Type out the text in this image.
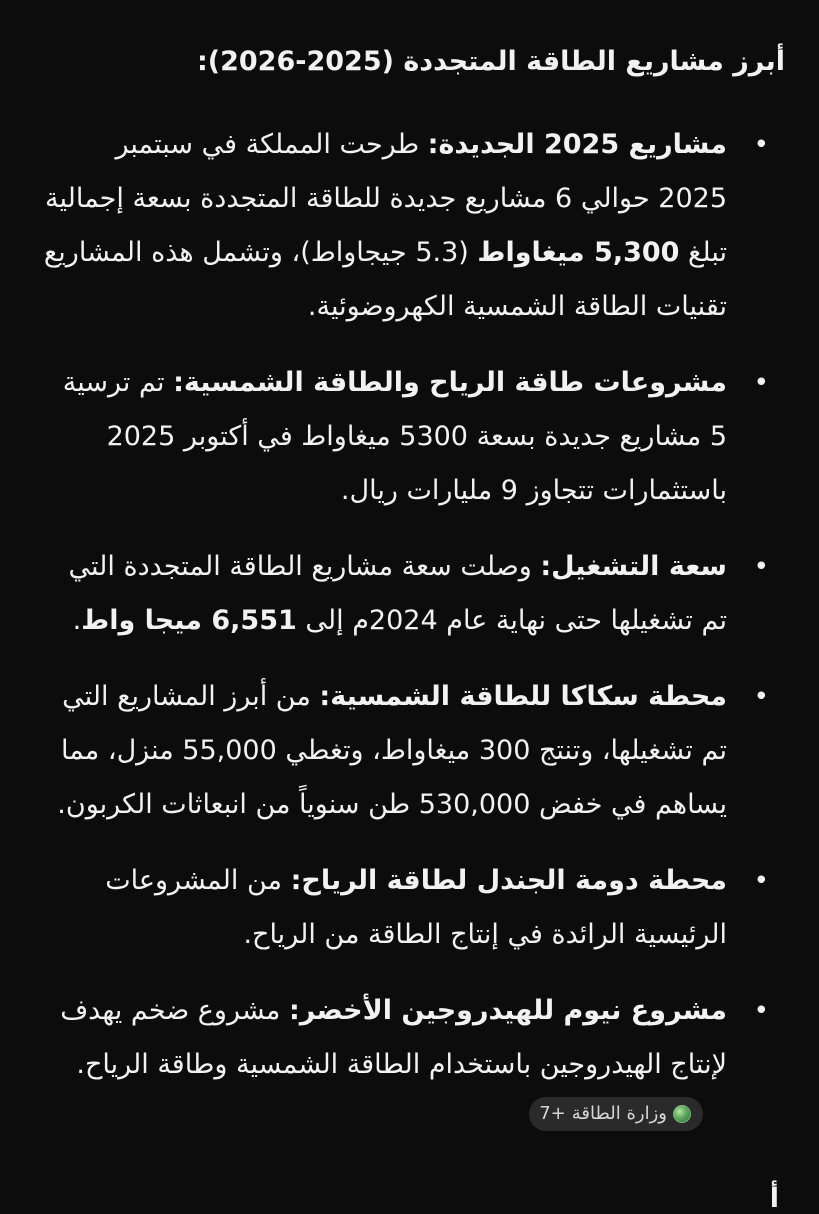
أبرز مشاريع الطاقة المتجددة (2025-2026):
•
مشاريع 2025 الجديدة: طرحت المملكة في سبتمبر 2025 حوالي 6 مشاريع جديدة للطاقة المتجددة بسعة إجمالية تبلغ 5,300 ميغاواط (5.3 جيجاواط)، وتشمل هذه المشاريع تقنيات الطاقة الشمسية الكهروضوئية.
•
مشروعات طاقة الرياح والطاقة الشمسية: تم ترسية 5 مشاريع جديدة بسعة 5300 ميغاواط في أكتوبر 2025 باستثمارات تتجاوز 9 مليارات ريال.
•
سعة التشغيل: وصلت سعة مشاريع الطاقة المتجددة التي تم تشغيلها حتى نهاية عام 2024م إلى 6,551 ميجا واط.
•
محطة سكاكا للطاقة الشمسية: من أبرز المشاريع التي تم تشغيلها، وتنتج 300 ميغاواط، وتغطي 55,000 منزل، مما يساهم في خفض 530,000 طن سنوياً من انبعاثات الكربون.
•
محطة دومة الجندل لطاقة الرياح: من المشروعات الرئيسية الرائدة في إنتاج الطاقة من الرياح.
•
مشروع نيوم للهيدروجين الأخضر: مشروع ضخم يهدف لإنتاج الهيدروجين باستخدام الطاقة الشمسية وطاقة الرياح.
وزارة الطاقة
+7
أ
